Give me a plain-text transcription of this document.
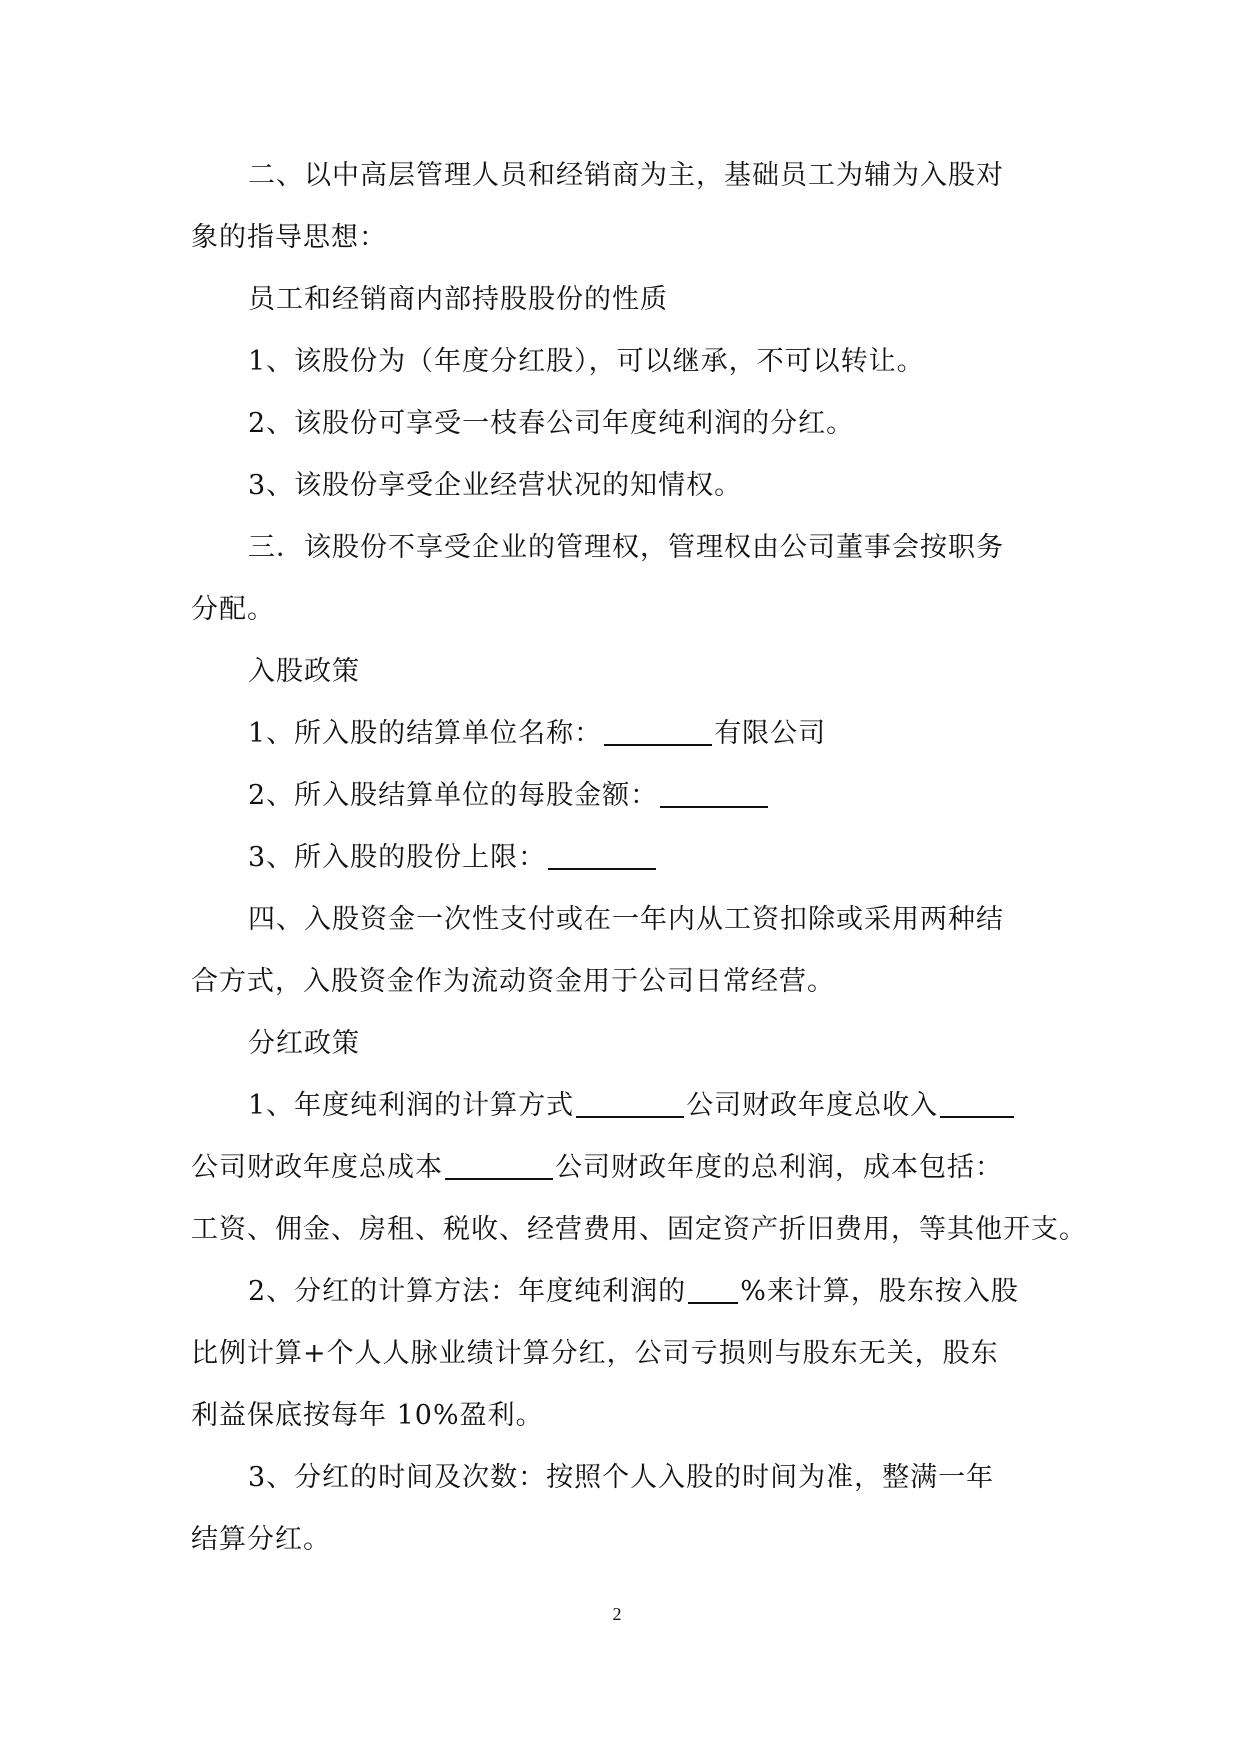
二、以中高层管理人员和经销商为主，基础员工为辅为入股对
象的指导思想：
员工和经销商内部持股股份的性质
1、该股份为（年度分红股），可以继承，不可以转让。
2、该股份可享受一枝春公司年度纯利润的分红。
3、该股份享受企业经营状况的知情权。
三．该股份不享受企业的管理权，管理权由公司董事会按职务
分配。
入股政策
1、所入股的结算单位名称：	有限公司
2、所入股结算单位的每股金额：
3、所入股的股份上限：
四、入股资金一次性支付或在一年内从工资扣除或采用两种结
合方式，入股资金作为流动资金用于公司日常经营。
分红政策
1、年度纯利润的计算方式	公司财政年度总收入
公司财政年度总成本	公司财政年度的总利润，成本包括：
工资、佣金、房租、税收、经营费用、固定资产折旧费用，等其他开支。
2、分红的计算方法：年度纯利润的 %来计算，股东按入股
比例计算+个人人脉业绩计算分红，公司亏损则与股东无关，股东
利益保底按每年 10%盈利。
3、分红的时间及次数：按照个人入股的时间为准，整满一年
结算分红。
2
